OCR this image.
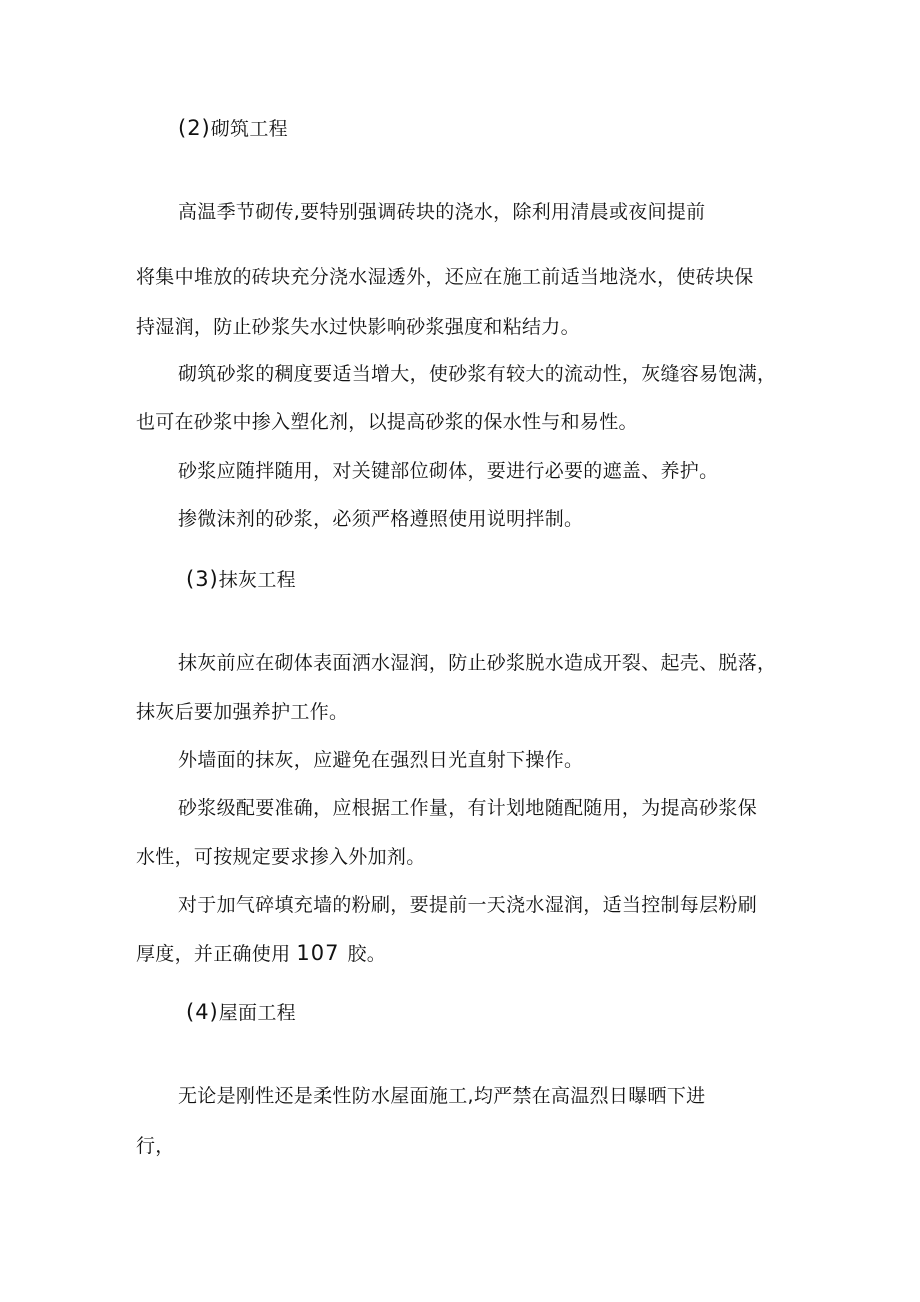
(2)砌筑工程

高温季节砌传,要特别强调砖块的浇水，除利用清晨或夜间提前

将集中堆放的砖块充分浇水湿透外，还应在施工前适当地浇水，使砖块保

持湿润，防止砂浆失水过快影响砂浆强度和粘结力。

砌筑砂浆的稠度要适当增大，使砂浆有较大的流动性，灰缝容易饱满，

也可在砂浆中掺入塑化剂，以提高砂浆的保水性与和易性。

砂浆应随拌随用，对关键部位砌体，要进行必要的遮盖、养护。

掺微沫剂的砂浆，必须严格遵照使用说明拌制。

(3)抹灰工程

抹灰前应在砌体表面洒水湿润，防止砂浆脱水造成开裂、起壳、脱落，

抹灰后要加强养护工作。

外墙面的抹灰，应避免在强烈日光直射下操作。

砂浆级配要准确，应根据工作量，有计划地随配随用，为提高砂浆保

水性，可按规定要求掺入外加剂。

对于加气碎填充墙的粉刷，要提前一天浇水湿润，适当控制每层粉刷

厚度，并正确使用 107 胶。

(4)屋面工程

无论是刚性还是柔性防水屋面施工,均严禁在高温烈日曝晒下进

行，
